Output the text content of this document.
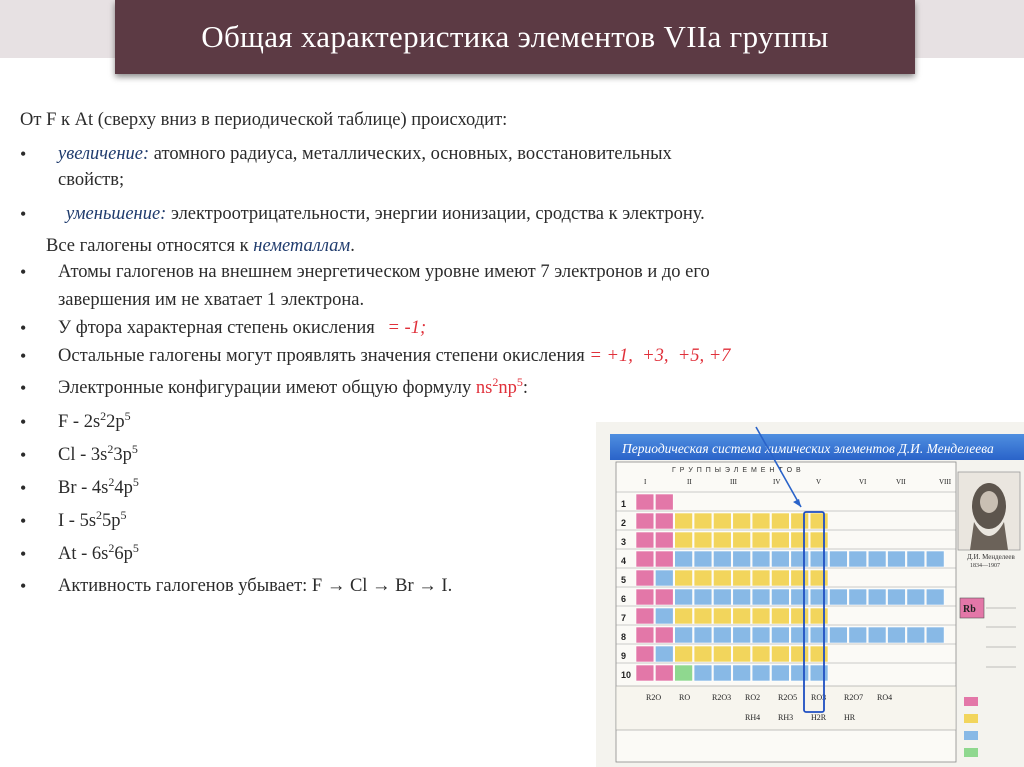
Общая характеристика элементов VIIa группы
От F к At (сверху вниз в периодической таблице) происходит:
• увеличение: атомного радиуса, металлических, основных, восстановительных
свойств;
• уменьшение: электроотрицательности, энергии ионизации, сродства к электрону.
Все галогены относятся к неметаллам.
• Атомы галогенов на внешнем энергетическом уровне имеют 7 электронов и до его
завершения им не хватает 1 электрона.
• У фтора характерная степень окисления = -1;
• Остальные галогены могут проявлять значения степени окисления = +1,  +3,  +5, +7
• Электронные конфигурации имеют общую формулу $ns^2np^5$:
• F - $2s^22p^5$
• Cl - $3s^23p^5$
• Br - $4s^24p^5$
• I - $5s^25p^5$
• At - $6s^26p^5$
• Активность галогенов убывает: F → Cl → Br → I.
Периодическая система химических элементов Д.И. Менделеева
Г Р У П П Ы Э Л Е М Е Н Т О В
I	II	III	IV	V	VI	VII	VIII
1
2
3
4
5
6
7
8
9
10
R2O RO	R2O3 RO2 R2O5 RO3 R2O7 RO4
RH4 RH3 H2R HR
Д.И. Менделеев
1834—1907
Rb
